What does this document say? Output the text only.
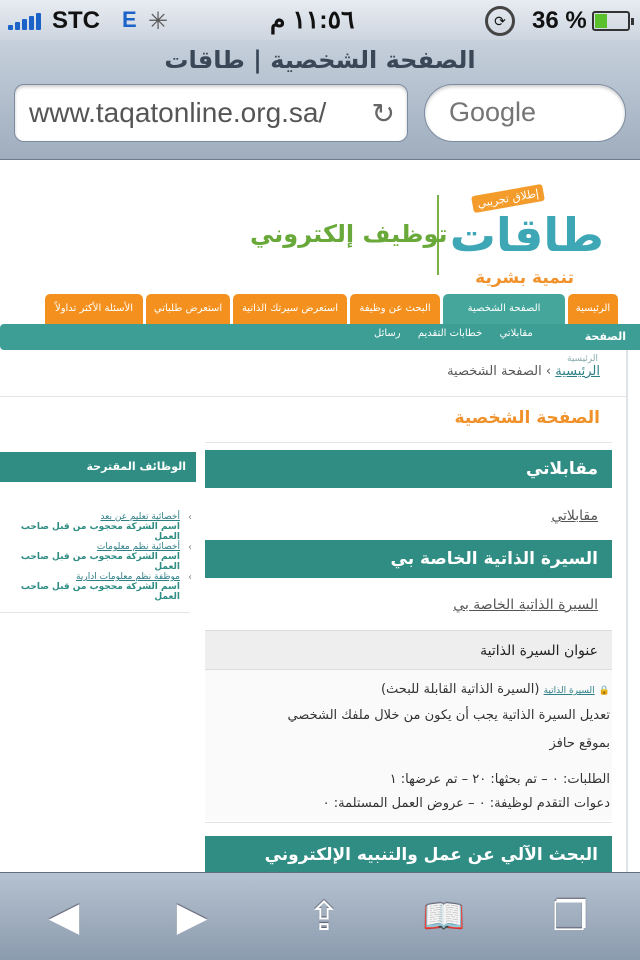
STC E ✳	١١:٥٦ م	⟳	36 %
الصفحة الشخصية | طاقات
www.taqatonline.org.sa/ ↻
Google
إطلاق تجريبي
طاقات
تنمية بشرية
توظيف إلكتروني
الرئيسية
الصفحة الشخصية
البحث عن وظيفة
استعرض سيرتك الذاتية
استعرض طلباتي
الأسئلة الأكثر تداولاً
الصفحة
مقابلاتي خطابات التقديم رسائل
الرئيسية
الرئيسية › الصفحة الشخصية
الصفحة الشخصية
مقابلاتي
مقابلاتي
السيرة الذاتية الخاصة بي
السيرة الذاتية الخاصة بي
عنوان السيرة الذاتية
(السيرة الذاتية القابلة للبحث) السيرة الذاتية 🔒
تعديل السيرة الذاتية يجب أن يكون من خلال ملفك الشخصي
بموقع حافز
الطلبات: ٠ – تم بحثها: ٢٠ – تم عرضها: ١
دعوات التقدم لوظيفة: ٠ – عروض العمل المستلمة: ٠
البحث الآلي عن عمل والتنبيه الإلكتروني
الوظائف المقترحة
‹
أخصائية تعليم عن بعد
اسم الشركة محجوب من قبل صاحب العمل
‹
أخصائية نظم معلومات
اسم الشركة محجوب من قبل صاحب العمل
‹
موظفة نظم معلومات ادارية
اسم الشركة محجوب من قبل صاحب العمل
◀	▶	⇪	📖	❐
